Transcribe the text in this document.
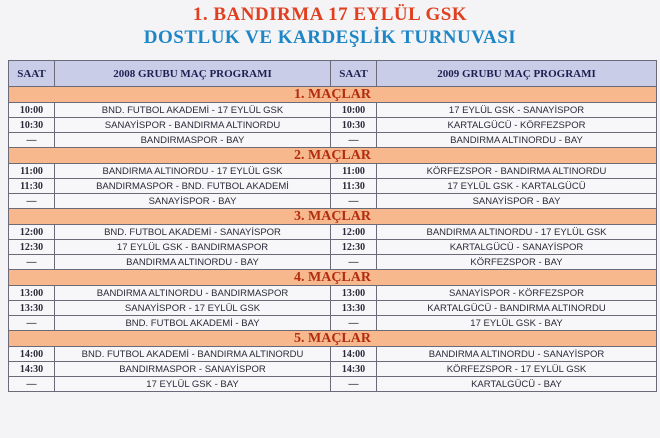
1. BANDIRMA 17 EYLÜL GSK
DOSTLUK VE KARDEŞLİK TURNUVASI
SAAT	2008 GRUBU MAÇ PROGRAMI	SAAT	2009 GRUBU MAÇ PROGRAMI
1. MAÇLAR			
10:00	BND. FUTBOL AKADEMİ - 17 EYLÜL GSK	10:00	17 EYLÜL GSK - SANAYİSPOR
10:30	SANAYİSPOR - BANDIRMA ALTINORDU	10:30	KARTALGÜCÜ - KÖRFEZSPOR
—	BANDIRMASPOR - BAY	—	BANDIRMA ALTINORDU - BAY
2. MAÇLAR			
11:00	BANDIRMA ALTINORDU - 17 EYLÜL GSK	11:00	KÖRFEZSPOR - BANDIRMA ALTINORDU
11:30	BANDIRMASPOR - BND. FUTBOL AKADEMİ	11:30	17 EYLÜL GSK - KARTALGÜCÜ
—	SANAYİSPOR - BAY	—	SANAYİSPOR - BAY
3. MAÇLAR			
12:00	BND. FUTBOL AKADEMİ - SANAYİSPOR	12:00	BANDIRMA ALTINORDU - 17 EYLÜL GSK
12:30	17 EYLÜL GSK - BANDIRMASPOR	12:30	KARTALGÜCÜ - SANAYİSPOR
—	BANDIRMA ALTINORDU - BAY	—	KÖRFEZSPOR - BAY
4. MAÇLAR			
13:00	BANDIRMA ALTINORDU - BANDIRMASPOR	13:00	SANAYİSPOR - KÖRFEZSPOR
13:30	SANAYİSPOR - 17 EYLÜL GSK	13:30	KARTALGÜCÜ - BANDIRMA ALTINORDU
—	BND. FUTBOL AKADEMİ - BAY	—	17 EYLÜL GSK - BAY
5. MAÇLAR			
14:00	BND. FUTBOL AKADEMİ - BANDIRMA ALTINORDU	14:00	BANDIRMA ALTINORDU - SANAYİSPOR
14:30	BANDIRMASPOR - SANAYİSPOR	14:30	KÖRFEZSPOR - 17 EYLÜL GSK
—	17 EYLÜL GSK - BAY	—	KARTALGÜCÜ - BAY
